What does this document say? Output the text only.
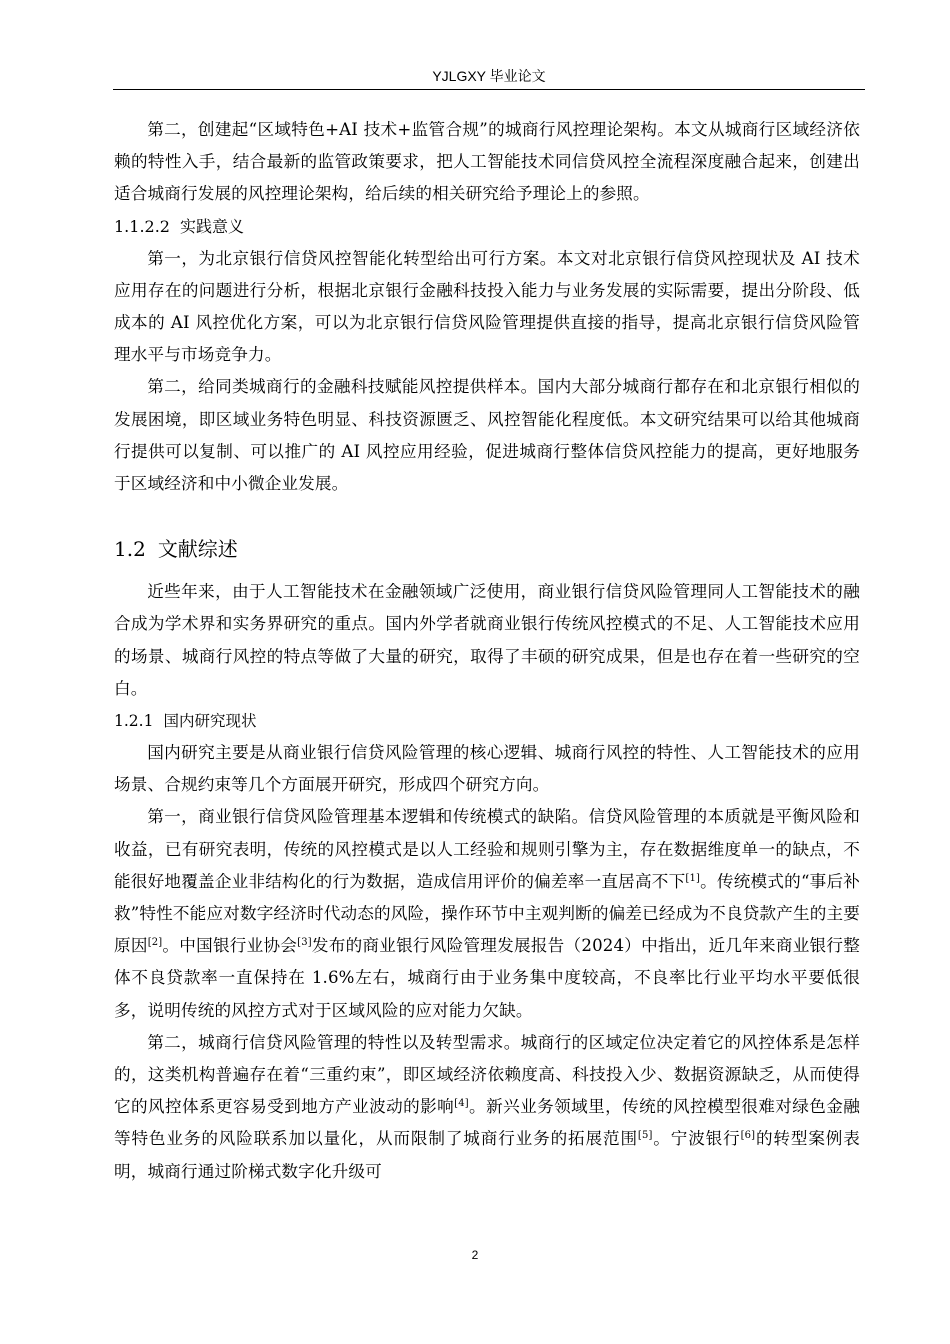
YJLGXY 毕业论文

第二，创建起“区域特色+AI 技术+监管合规”的城商行风控理论架构。本文从城商行区域经济依赖的特性入手，结合最新的监管政策要求，把人工智能技术同信贷风控全流程深度融合起来，创建出适合城商行发展的风控理论架构，给后续的相关研究给予理论上的参照。

1.1.2.2 实践意义

第一，为北京银行信贷风控智能化转型给出可行方案。本文对北京银行信贷风控现状及 AI 技术应用存在的问题进行分析，根据北京银行金融科技投入能力与业务发展的实际需要，提出分阶段、低成本的 AI 风控优化方案，可以为北京银行信贷风险管理提供直接的指导，提高北京银行信贷风险管理水平与市场竞争力。

第二，给同类城商行的金融科技赋能风控提供样本。国内大部分城商行都存在和北京银行相似的发展困境，即区域业务特色明显、科技资源匮乏、风控智能化程度低。本文研究结果可以给其他城商行提供可以复制、可以推广的 AI 风控应用经验，促进城商行整体信贷风控能力的提高，更好地服务于区域经济和中小微企业发展。

1.2 文献综述

近些年来，由于人工智能技术在金融领域广泛使用，商业银行信贷风险管理同人工智能技术的融合成为学术界和实务界研究的重点。国内外学者就商业银行传统风控模式的不足、人工智能技术应用的场景、城商行风控的特点等做了大量的研究，取得了丰硕的研究成果，但是也存在着一些研究的空白。

1.2.1 国内研究现状

国内研究主要是从商业银行信贷风险管理的核心逻辑、城商行风控的特性、人工智能技术的应用场景、合规约束等几个方面展开研究，形成四个研究方向。

第一，商业银行信贷风险管理基本逻辑和传统模式的缺陷。信贷风险管理的本质就是平衡风险和收益，已有研究表明，传统的风控模式是以人工经验和规则引擎为主，存在数据维度单一的缺点，不能很好地覆盖企业非结构化的行为数据，造成信用评价的偏差率一直居高不下[1]。传统模式的“事后补救”特性不能应对数字经济时代动态的风险，操作环节中主观判断的偏差已经成为不良贷款产生的主要原因[2]。中国银行业协会[3]发布的商业银行风险管理发展报告（2024）中指出，近几年来商业银行整体不良贷款率一直保持在 1.6%左右，城商行由于业务集中度较高，不良率比行业平均水平要低很多，说明传统的风控方式对于区域风险的应对能力欠缺。

第二，城商行信贷风险管理的特性以及转型需求。城商行的区域定位决定着它的风控体系是怎样的，这类机构普遍存在着“三重约束”，即区域经济依赖度高、科技投入少、数据资源缺乏，从而使得它的风控体系更容易受到地方产业波动的影响[4]。新兴业务领域里，传统的风控模型很难对绿色金融等特色业务的风险联系加以量化，从而限制了城商行业务的拓展范围[5]。宁波银行[6]的转型案例表明，城商行通过阶梯式数字化升级可

2
